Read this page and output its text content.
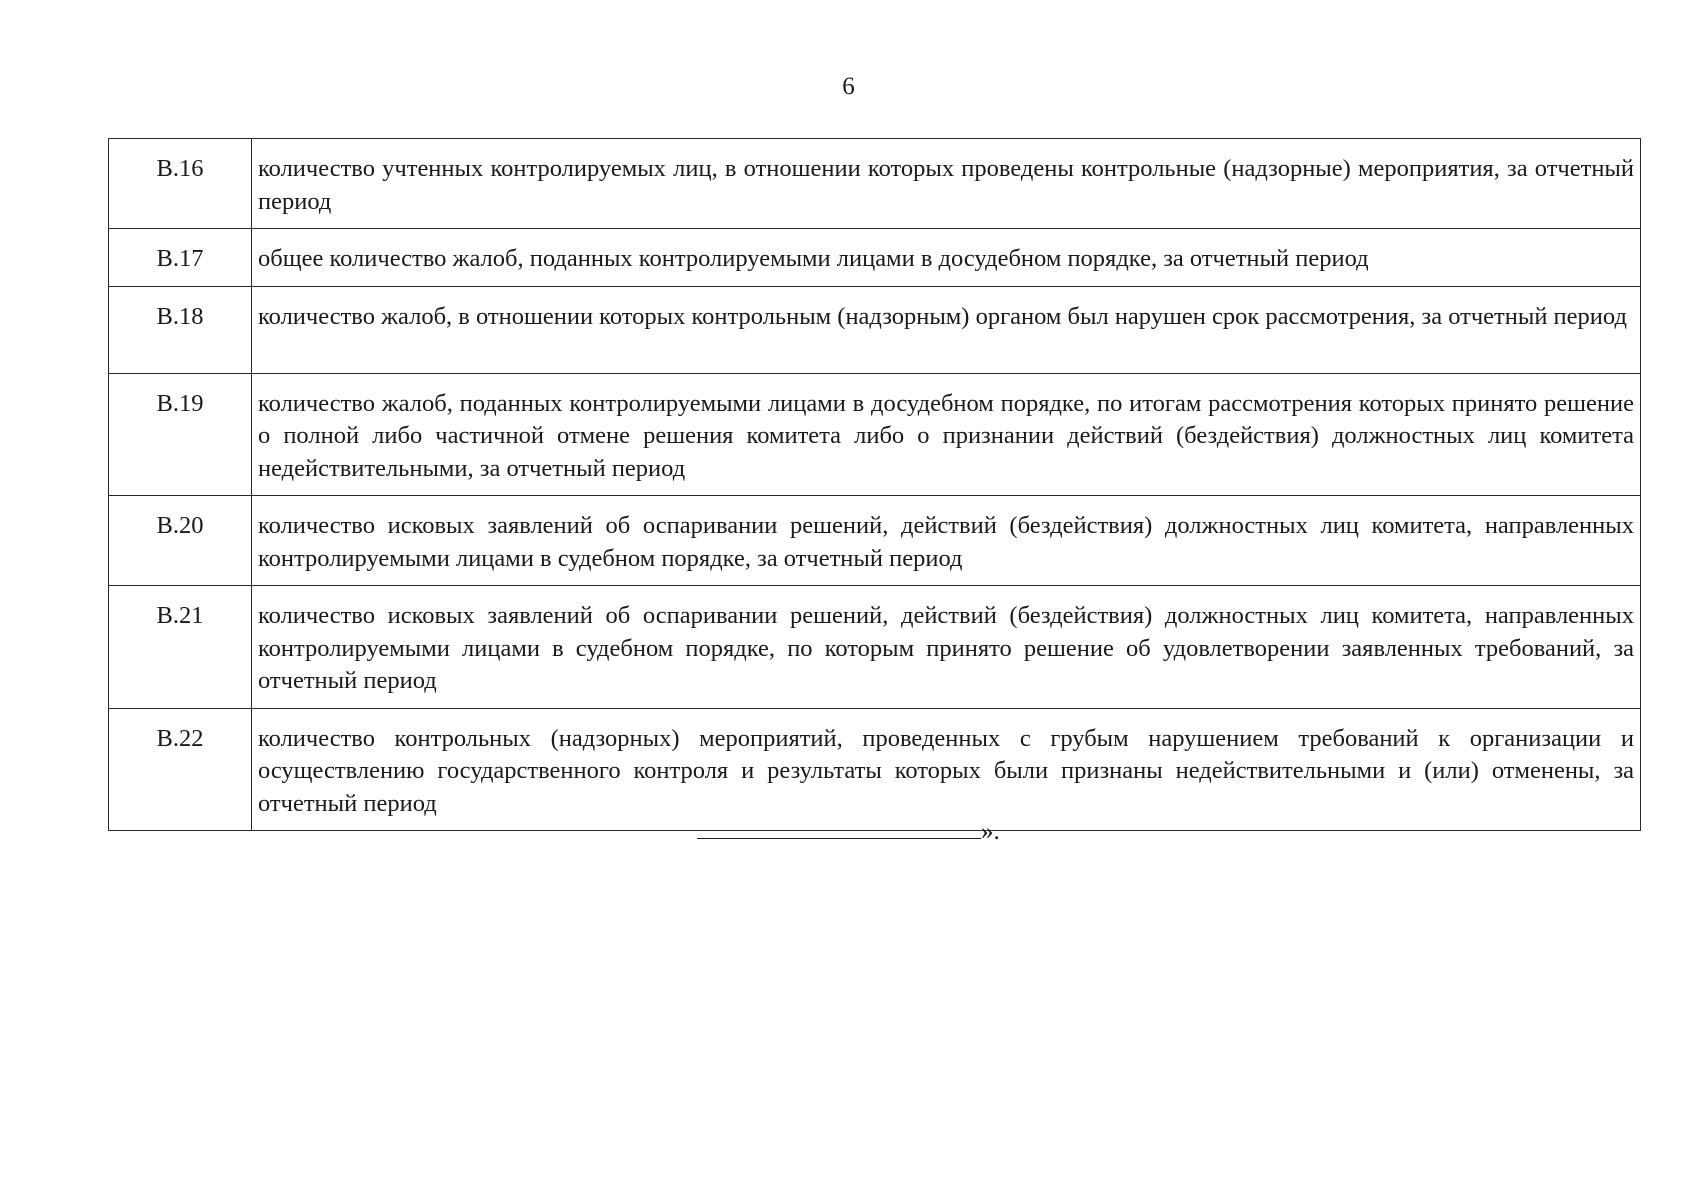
6
В.16	количество учтенных контролируемых лиц, в отношении которых проведены контрольные (надзорные) мероприятия, за отчетный период
В.17	общее количество жалоб, поданных контролируемыми лицами в досудебном порядке, за отчетный период
В.18	количество жалоб, в отношении которых контрольным (надзорным) органом был нарушен срок рассмотрения, за отчетный период
В.19	количество жалоб, поданных контролируемыми лицами в досудебном порядке, по итогам рассмотрения которых принято решение о полной либо частичной отмене решения комитета либо о признании действий (бездействия) должностных лиц комитета недействительными, за отчетный период
В.20	количество исковых заявлений об оспаривании решений, действий (бездействия) должностных лиц комитета, направленных контролируемыми лицами в судебном порядке, за отчетный период
В.21	количество исковых заявлений об оспаривании решений, действий (бездействия) должностных лиц комитета, направленных контролируемыми лицами в судебном порядке, по которым принято решение об удовлетворении заявленных требований, за отчетный период
В.22	количество контрольных (надзорных) мероприятий, проведенных с грубым нарушением требований к организации и осуществлению государственного контроля и результаты которых были признаны недействительными и (или) отменены, за отчетный период
».
